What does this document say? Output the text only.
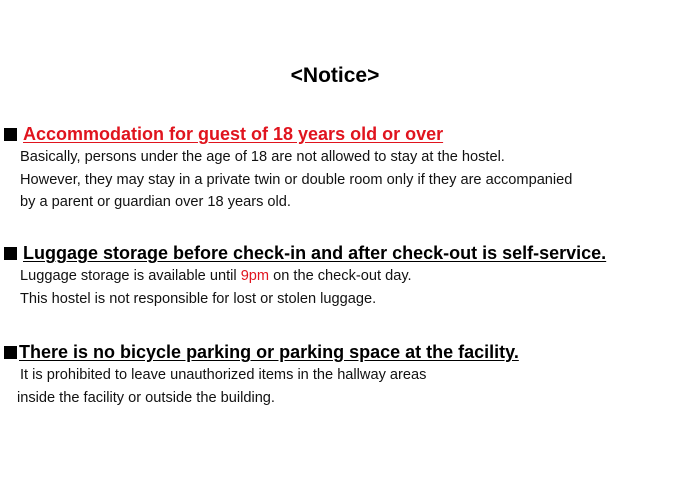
<Notice>
Accommodation for guest of 18 years old or over
Basically, persons under the age of 18 are not allowed to stay at the hostel.
However, they may stay in a private twin or double room only if they are accompanied
by a parent or guardian over 18 years old.
Luggage storage before check-in and after check-out is self-service.
Luggage storage is available until 9pm on the check-out day.
This hostel is not responsible for lost or stolen luggage.
There is no bicycle parking or parking space at the facility.
It is prohibited to leave unauthorized items in the hallway areas
inside the facility or outside the building.
